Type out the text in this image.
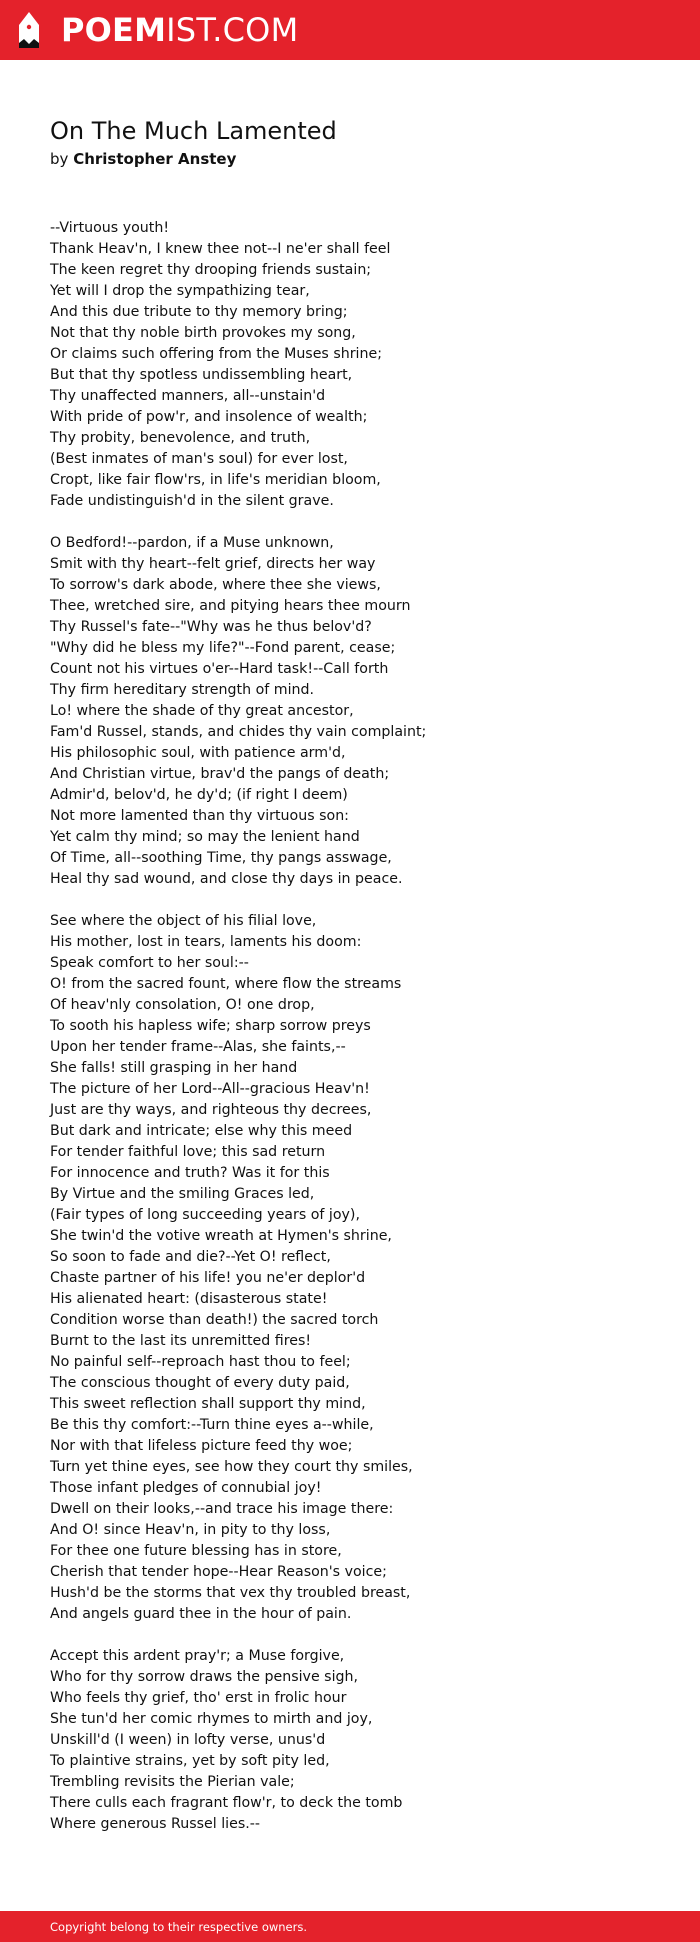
POEMIST.COM
On The Much Lamented
by Christopher Anstey
--Virtuous youth!
Thank Heav'n, I knew thee not--I ne'er shall feel
The keen regret thy drooping friends sustain;
Yet will I drop the sympathizing tear,
And this due tribute to thy memory bring;
Not that thy noble birth provokes my song,
Or claims such offering from the Muses shrine;
But that thy spotless undissembling heart,
Thy unaffected manners, all--unstain'd
With pride of pow'r, and insolence of wealth;
Thy probity, benevolence, and truth,
(Best inmates of man's soul) for ever lost,
Cropt, like fair flow'rs, in life's meridian bloom,
Fade undistinguish'd in the silent grave.
O Bedford!--pardon, if a Muse unknown,
Smit with thy heart--felt grief, directs her way
To sorrow's dark abode, where thee she views,
Thee, wretched sire, and pitying hears thee mourn
Thy Russel's fate--"Why was he thus belov'd?
"Why did he bless my life?"--Fond parent, cease;
Count not his virtues o'er--Hard task!--Call forth
Thy firm hereditary strength of mind.
Lo! where the shade of thy great ancestor,
Fam'd Russel, stands, and chides thy vain complaint;
His philosophic soul, with patience arm'd,
And Christian virtue, brav'd the pangs of death;
Admir'd, belov'd, he dy'd; (if right I deem)
Not more lamented than thy virtuous son:
Yet calm thy mind; so may the lenient hand
Of Time, all--soothing Time, thy pangs asswage,
Heal thy sad wound, and close thy days in peace.
See where the object of his filial love,
His mother, lost in tears, laments his doom:
Speak comfort to her soul:--
O! from the sacred fount, where flow the streams
Of heav'nly consolation, O! one drop,
To sooth his hapless wife; sharp sorrow preys
Upon her tender frame--Alas, she faints,--
She falls! still grasping in her hand
The picture of her Lord--All--gracious Heav'n!
Just are thy ways, and righteous thy decrees,
But dark and intricate; else why this meed
For tender faithful love; this sad return
For innocence and truth? Was it for this
By Virtue and the smiling Graces led,
(Fair types of long succeeding years of joy),
She twin'd the votive wreath at Hymen's shrine,
So soon to fade and die?--Yet O! reflect,
Chaste partner of his life! you ne'er deplor'd
His alienated heart: (disasterous state!
Condition worse than death!) the sacred torch
Burnt to the last its unremitted fires!
No painful self--reproach hast thou to feel;
The conscious thought of every duty paid,
This sweet reflection shall support thy mind,
Be this thy comfort:--Turn thine eyes a--while,
Nor with that lifeless picture feed thy woe;
Turn yet thine eyes, see how they court thy smiles,
Those infant pledges of connubial joy!
Dwell on their looks,--and trace his image there:
And O! since Heav'n, in pity to thy loss,
For thee one future blessing has in store,
Cherish that tender hope--Hear Reason's voice;
Hush'd be the storms that vex thy troubled breast,
And angels guard thee in the hour of pain.
Accept this ardent pray'r; a Muse forgive,
Who for thy sorrow draws the pensive sigh,
Who feels thy grief, tho' erst in frolic hour
She tun'd her comic rhymes to mirth and joy,
Unskill'd (I ween) in lofty verse, unus'd
To plaintive strains, yet by soft pity led,
Trembling revisits the Pierian vale;
There culls each fragrant flow'r, to deck the tomb
Where generous Russel lies.--
Copyright belong to their respective owners.
